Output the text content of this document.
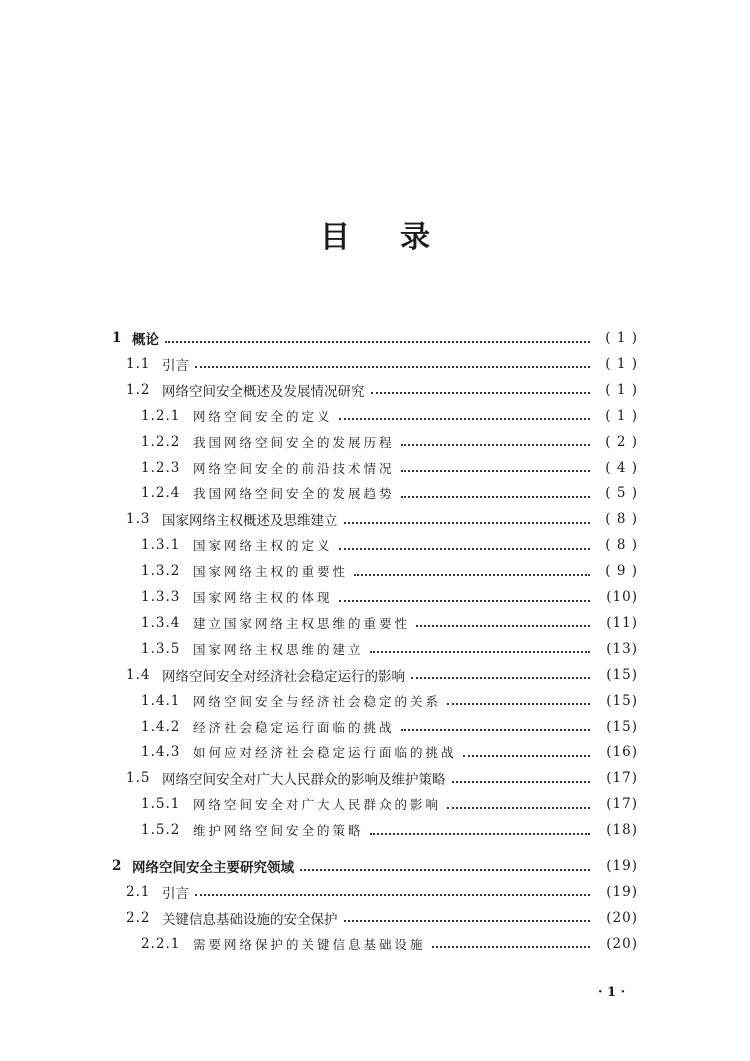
目 录
1 概论	( 1 )
1.1 引言	( 1 )
1.2 网络空间安全概述及发展情况研究	( 1 )
1.2.1	网络空间安全的定义	( 1 )
1.2.2	我国网络空间安全的发展历程	( 2 )
1.2.3	网络空间安全的前沿技术情况	( 4 )
1.2.4	我国网络空间安全的发展趋势	( 5 )
1.3 国家网络主权概述及思维建立	( 8 )
1.3.1	国家网络主权的定义	( 8 )
1.3.2	国家网络主权的重要性	( 9 )
1.3.3	国家网络主权的体现	(10)
1.3.4	建立国家网络主权思维的重要性	(11)
1.3.5	国家网络主权思维的建立	(13)
1.4 网络空间安全对经济社会稳定运行的影响	(15)
1.4.1	网络空间安全与经济社会稳定的关系	(15)
1.4.2	经济社会稳定运行面临的挑战	(15)
1.4.3	如何应对经济社会稳定运行面临的挑战	(16)
1.5 网络空间安全对广大人民群众的影响及维护策略	(17)
1.5.1	网络空间安全对广大人民群众的影响	(17)
1.5.2	维护网络空间安全的策略	(18)
2 网络空间安全主要研究领域	(19)
2.1 引言	(19)
2.2 关键信息基础设施的安全保护	(20)
2.2.1	需要网络保护的关键信息基础设施	(20)
· 1 ·
